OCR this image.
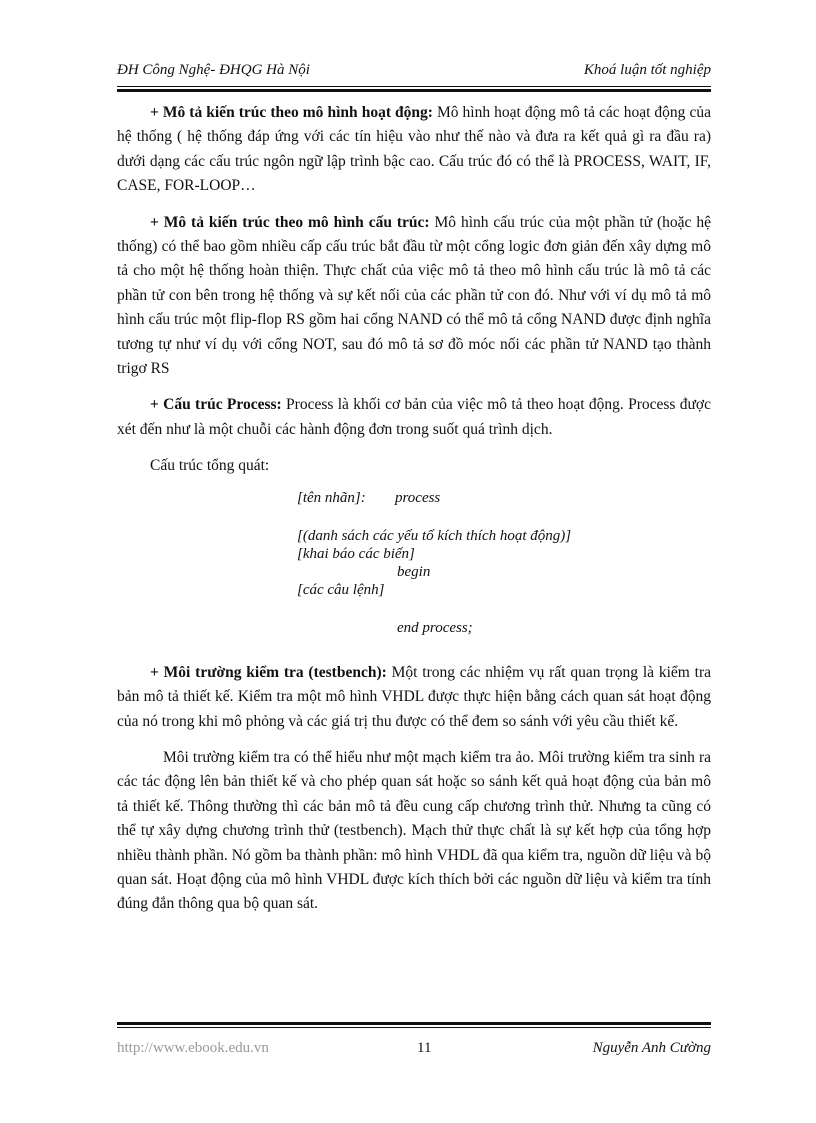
ĐH Công Nghệ- ĐHQG Hà Nội	Khoá luận tốt nghiệp

+ Mô tả kiến trúc theo mô hình hoạt động: Mô hình hoạt động mô tả các hoạt động của hệ thống ( hệ thống đáp ứng với các tín hiệu vào như thế nào và đưa ra kết quả gì ra đầu ra) dưới dạng các cấu trúc ngôn ngữ lập trình bậc cao. Cấu trúc đó có thể là PROCESS, WAIT, IF, CASE, FOR-LOOP…

+ Mô tả kiến trúc theo mô hình cấu trúc: Mô hình cấu trúc của một phần tử (hoặc hệ thống) có thể bao gồm nhiều cấp cấu trúc bắt đầu từ một cổng logic đơn giản đến xây dựng mô tả cho một hệ thống hoàn thiện. Thực chất của việc mô tả theo mô hình cấu trúc là mô tả các phần tử con bên trong hệ thống và sự kết nối của các phần tử con đó. Như với ví dụ mô tả mô hình cấu trúc một flip-flop RS gồm hai cổng NAND có thể mô tả cổng NAND được định nghĩa tương tự như ví dụ với cổng NOT, sau đó mô tả sơ đồ móc nối các phần tử NAND tạo thành trigơ RS

+ Cấu trúc Process: Process là khối cơ bản của việc mô tả theo hoạt động. Process được xét đến như là một chuỗi các hành động đơn trong suốt quá trình dịch.

Cấu trúc tổng quát:

[tên nhãn]: process
[(danh sách các yếu tố kích thích hoạt động)]
[khai báo các biến]
begin
[các câu lệnh]
end process;

+ Môi trường kiểm tra (testbench): Một trong các nhiệm vụ rất quan trọng là kiểm tra bản mô tả thiết kế. Kiểm tra một mô hình VHDL được thực hiện bằng cách quan sát hoạt động của nó trong khi mô phỏng và các giá trị thu được có thể đem so sánh với yêu cầu thiết kế.

Môi trường kiểm tra có thể hiểu như một mạch kiểm tra ảo. Môi trường kiểm tra sinh ra các tác động lên bản thiết kế và cho phép quan sát hoặc so sánh kết quả hoạt động của bản mô tả thiết kế. Thông thường thì các bản mô tả đều cung cấp chương trình thử. Nhưng ta cũng có thể tự xây dựng chương trình thử (testbench). Mạch thử thực chất là sự kết hợp của tổng hợp nhiều thành phần. Nó gồm ba thành phần: mô hình VHDL đã qua kiểm tra, nguồn dữ liệu và bộ quan sát. Hoạt động của mô hình VHDL được kích thích bởi các nguồn dữ liệu và kiểm tra tính đúng đắn thông qua bộ quan sát.

http://www.ebook.edu.vn	11	Nguyễn Anh Cường
